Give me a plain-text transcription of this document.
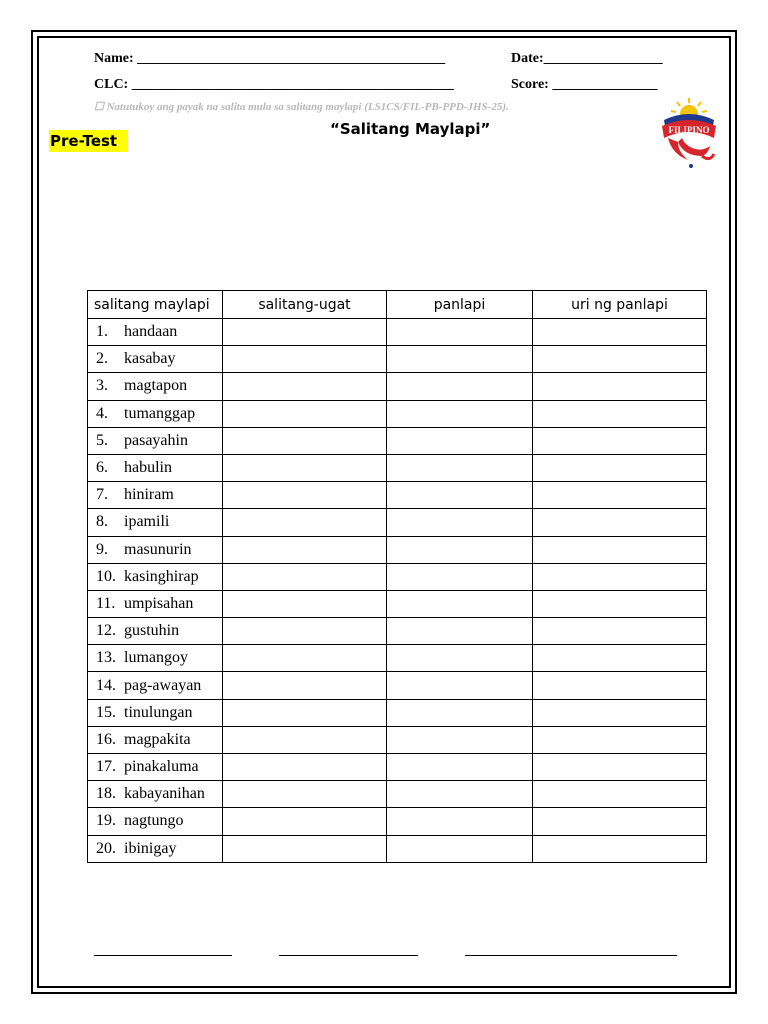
Name: ____________________________________________	Date:_________________
CLC: ______________________________________________	Score: _______________
☐ Natutukoy ang payak na salita mula sa salitang maylapi (LS1CS/FIL-PB-PPD-JHS-25).
Pre-Test
“Salitang Maylapi”	FILIPINO
salitang maylapi	salitang-ugat	panlapi	uri ng panlapi
1. handaan			
2. kasabay			
3. magtapon			
4. tumanggap			
5. pasayahin			
6. habulin			
7. hiniram			
8. ipamili			
9. masunurin			
10. kasinghirap			
11. umpisahan			
12. gustuhin			
13. lumangoy			
14. pag-awayan			
15. tinulungan			
16. magpakita			
17. pinakaluma			
18. kabayanihan			
19. nagtungo			
20. ibinigay			
